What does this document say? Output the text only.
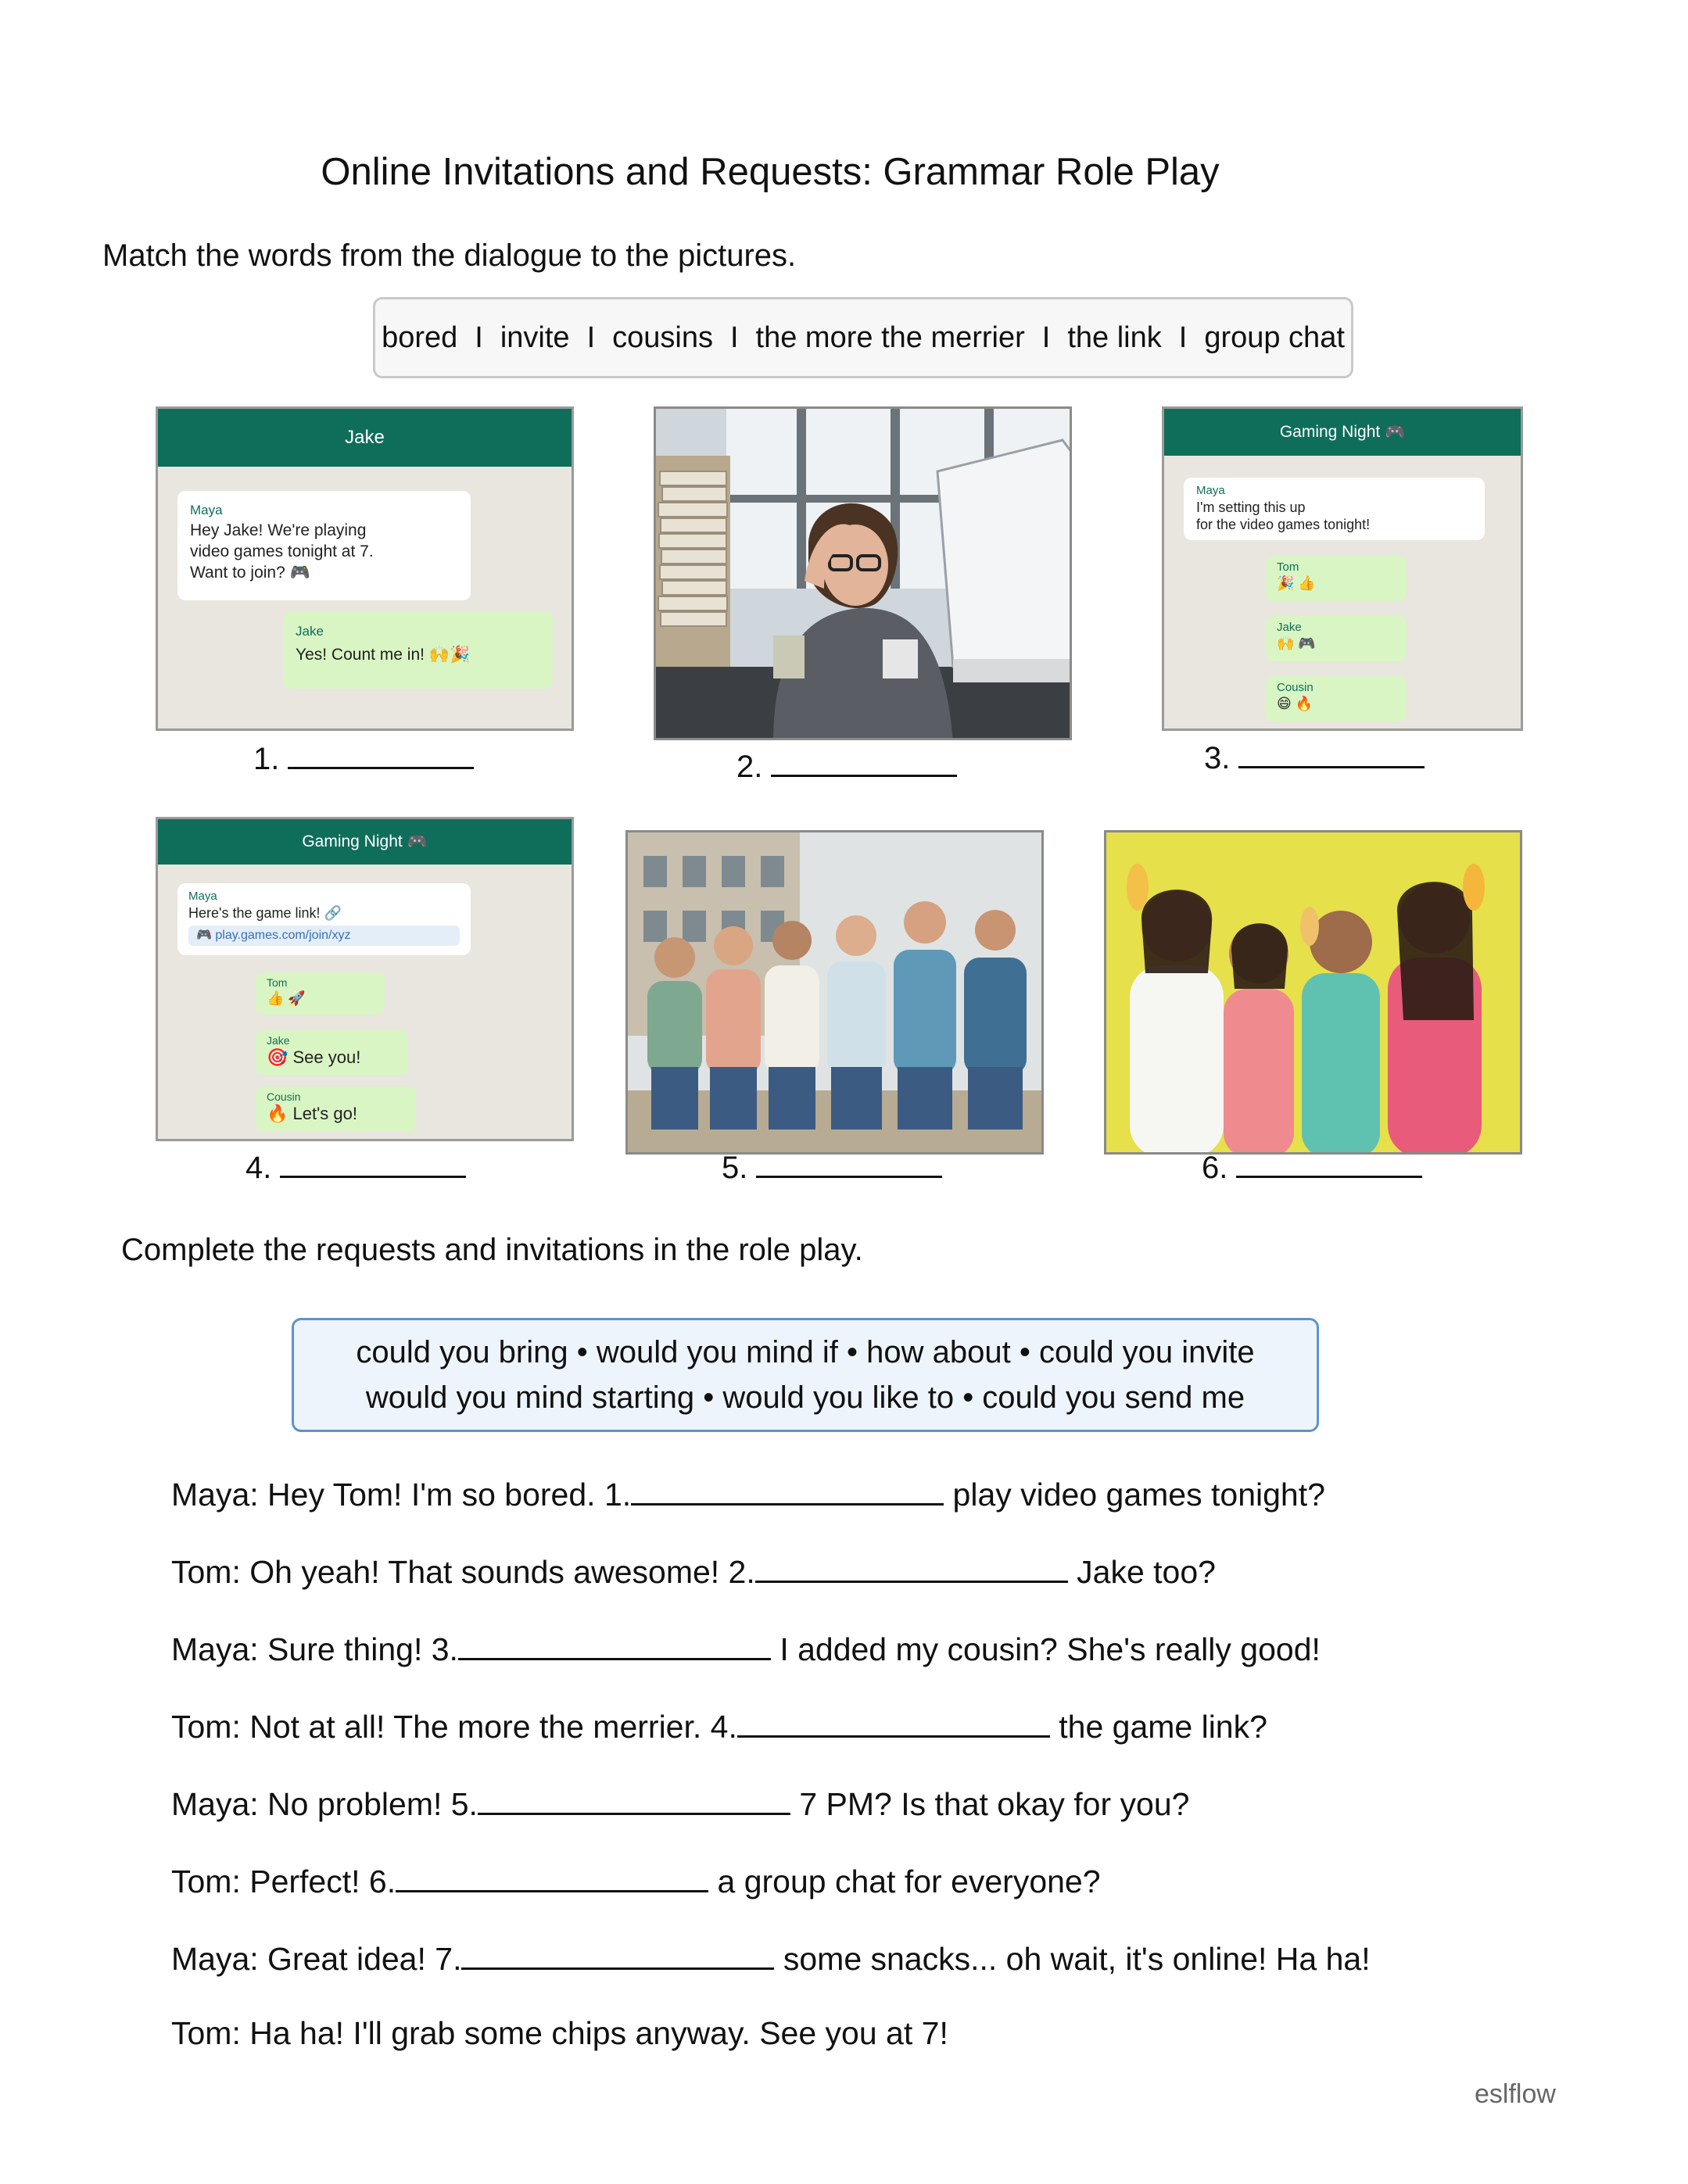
Online Invitations and Requests: Grammar Role Play
Match the words from the dialogue to the pictures.
bored I invite I cousins I the more the merrier I the link I group chat
Jake
Maya
Hey Jake! We're playing
video games tonight at 7.
Want to join? 🎮
Jake
Yes! Count me in! 🙌🎉
1.	2.
Gaming Night 🎮
Maya
I'm setting this up
for the video games tonight!
Tom
🎉 👍
Jake
🙌 🎮
Cousin
😄 🔥
3.
Gaming Night 🎮
Maya
Here's the game link! 🔗
🎮 play.games.com/join/xyz
Tom
👍 🚀
Jake
🎯 See you!
Cousin
🔥 Let's go!
4.	5.	6.
Complete the requests and invitations in the role play.
could you bring • would you mind if • how about • could you invite
would you mind starting • would you like to • could you send me
Maya: Hey Tom! I'm so bored. 1.	play video games tonight?
Tom: Oh yeah! That sounds awesome! 2.	Jake too?
Maya: Sure thing! 3.	I added my cousin? She's really good!
Tom: Not at all! The more the merrier. 4.	the game link?
Maya: No problem! 5.	7 PM? Is that okay for you?
Tom: Perfect! 6.	a group chat for everyone?
Maya: Great idea! 7.	some snacks... oh wait, it's online! Ha ha!
Tom: Ha ha! I'll grab some chips anyway. See you at 7!
eslflow
